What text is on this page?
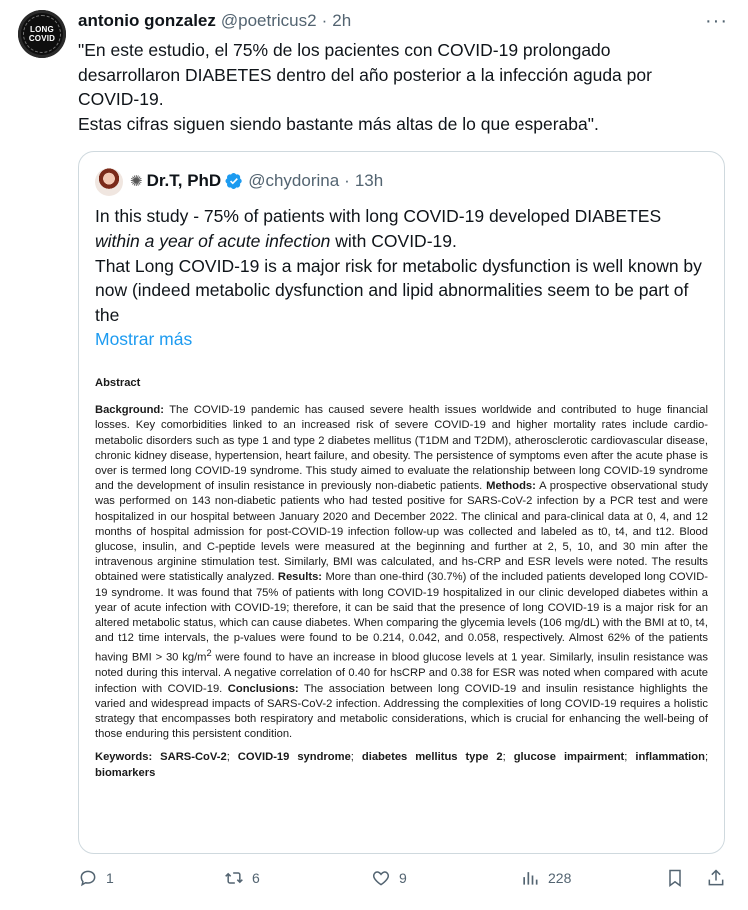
LONG
COVID
antonio gonzalez @poetricus2 · 2h	···
"En este estudio, el 75% de los pacientes con COVID-19 prolongado
desarrollaron DIABETES dentro del año posterior a la infección aguda por
COVID-19.
Estas cifras siguen siendo bastante más altas de lo que esperaba".
✺ Dr.T, PhD @chydorina · 13h
In this study - 75% of patients with long COVID-19 developed DIABETES
within a year of acute infection with COVID-19.
That Long COVID-19 is a major risk for metabolic dysfunction is well known by now (indeed metabolic dysfunction and lipid abnormalities seem to be part of the
Mostrar más
Abstract

Background: The COVID-19 pandemic has caused severe health issues worldwide and contributed to huge financial losses. Key comorbidities linked to an increased risk of severe COVID-19 and higher mortality rates include cardio-metabolic disorders such as type 1 and type 2 diabetes mellitus (T1DM and T2DM), atherosclerotic cardiovascular disease, chronic kidney disease, hypertension, heart failure, and obesity. The persistence of symptoms even after the acute phase is over is termed long COVID-19 syndrome. This study aimed to evaluate the relationship between long COVID-19 syndrome and the development of insulin resistance in previously non-diabetic patients. Methods: A prospective observational study was performed on 143 non-diabetic patients who had tested positive for SARS-CoV-2 infection by a PCR test and were hospitalized in our hospital between January 2020 and December 2022. The clinical and para-clinical data at 0, 4, and 12 months of hospital admission for post-COVID-19 infection follow-up was collected and labeled as t0, t4, and t12. Blood glucose, insulin, and C-peptide levels were measured at the beginning and further at 2, 5, 10, and 30 min after the intravenous arginine stimulation test. Similarly, BMI was calculated, and hs-CRP and ESR levels were noted. The results obtained were statistically analyzed. Results: More than one-third (30.7%) of the included patients developed long COVID-19 syndrome. It was found that 75% of patients with long COVID-19 hospitalized in our clinic developed diabetes within a year of acute infection with COVID-19; therefore, it can be said that the presence of long COVID-19 is a major risk for an altered metabolic status, which can cause diabetes. When comparing the glycemia levels (106 mg/dL) with the BMI at t0, t4, and t12 time intervals, the p-values were found to be 0.214, 0.042, and 0.058, respectively. Almost 62% of the patients having BMI > 30 $kg/m^2$ were found to have an increase in blood glucose levels at 1 year. Similarly, insulin resistance was noted during this interval. A negative correlation of 0.40 for hsCRP and 0.38 for ESR was noted when compared with acute infection with COVID-19. Conclusions: The association between long COVID-19 and insulin resistance highlights the varied and widespread impacts of SARS-CoV-2 infection. Addressing the complexities of long COVID-19 requires a holistic strategy that encompasses both respiratory and metabolic considerations, which is crucial for enhancing the well-being of those enduring this persistent condition.

Keywords: SARS-CoV-2; COVID-19 syndrome; diabetes mellitus type 2; glucose impairment; inflammation; biomarkers

1	6	9	228
